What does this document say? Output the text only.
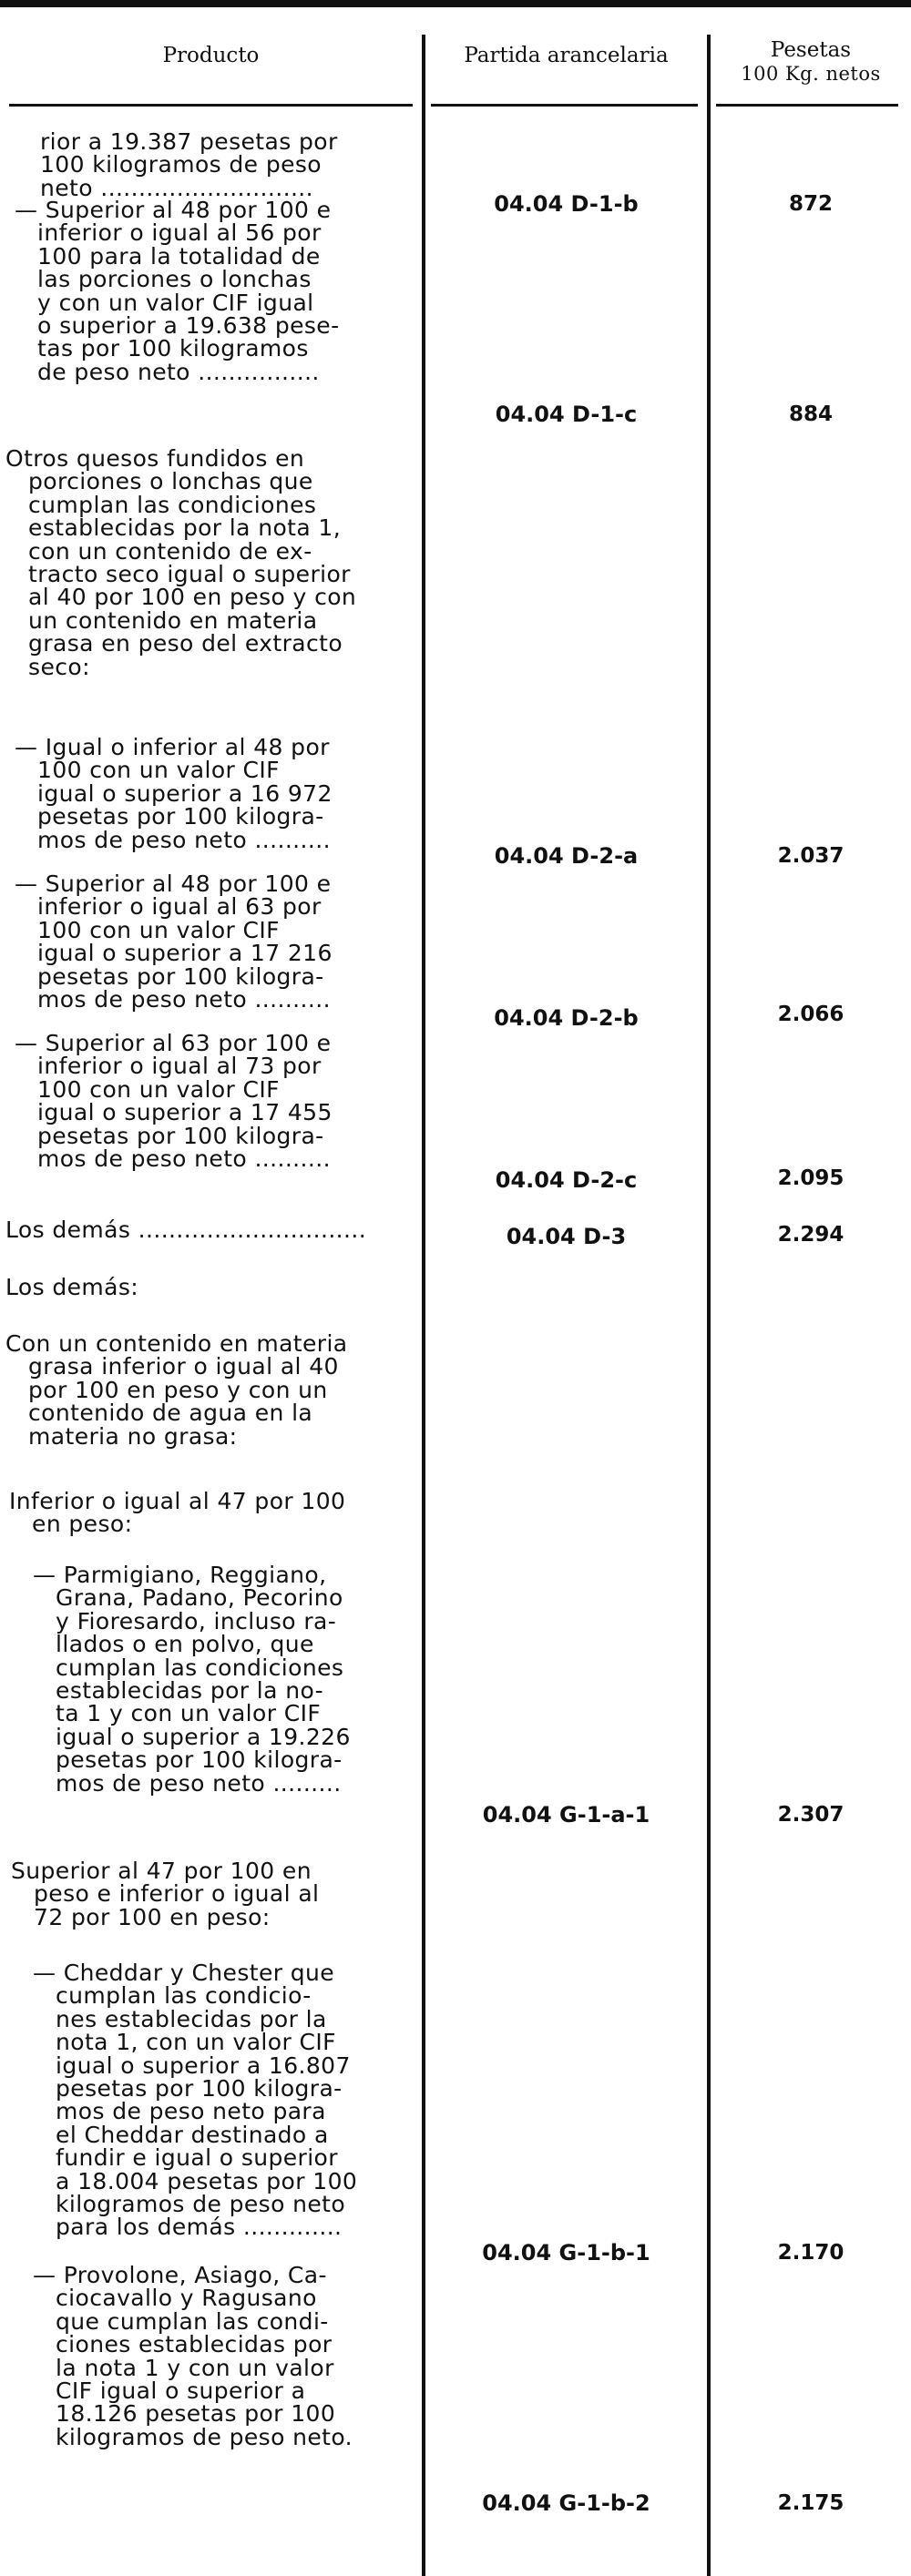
Producto	Partida arancelaria	Pesetas
100 Kg. netos
rior a 19.387 pesetas por
100 kilogramos de peso
neto ............................
04.04 D-1-b	872
— Superior al 48 por 100 e
inferior o igual al 56 por
100 para la totalidad de
las porciones o lonchas
y con un valor CIF igual
o superior a 19.638 pese-
tas por 100 kilogramos
de peso neto ................
04.04 D-1-c	884
Otros quesos fundidos en
porciones o lonchas que
cumplan las condiciones
establecidas por la nota 1,
con un contenido de ex-
tracto seco igual o superior
al 40 por 100 en peso y con
un contenido en materia
grasa en peso del extracto
seco:
— Igual o inferior al 48 por
100 con un valor CIF
igual o superior a 16 972
pesetas por 100 kilogra-
mos de peso neto ..........
04.04 D-2-a	2.037
— Superior al 48 por 100 e
inferior o igual al 63 por
100 con un valor CIF
igual o superior a 17 216
pesetas por 100 kilogra-
mos de peso neto ..........
04.04 D-2-b	2.066
— Superior al 63 por 100 e
inferior o igual al 73 por
100 con un valor CIF
igual o superior a 17 455
pesetas por 100 kilogra-
mos de peso neto ..........
04.04 D-2-c	2.095
Los demás ..............................	04.04 D-3	2.294
Los demás:
Con un contenido en materia
grasa inferior o igual al 40
por 100 en peso y con un
contenido de agua en la
materia no grasa:
Inferior o igual al 47 por 100
en peso:
— Parmigiano, Reggiano,
Grana, Padano, Pecorino
y Fioresardo, incluso ra-
llados o en polvo, que
cumplan las condiciones
establecidas por la no-
ta 1 y con un valor CIF
igual o superior a 19.226
pesetas por 100 kilogra-
mos de peso neto .........
04.04 G-1-a-1	2.307
Superior al 47 por 100 en
peso e inferior o igual al
72 por 100 en peso:
— Cheddar y Chester que
cumplan las condicio-
nes establecidas por la
nota 1, con un valor CIF
igual o superior a 16.807
pesetas por 100 kilogra-
mos de peso neto para
el Cheddar destinado a
fundir e igual o superior
a 18.004 pesetas por 100
kilogramos de peso neto
para los demás .............
04.04 G-1-b-1	2.170
— Provolone, Asiago, Ca-
ciocavallo y Ragusano
que cumplan las condi-
ciones establecidas por
la nota 1 y con un valor
CIF igual o superior a
18.126 pesetas por 100
kilogramos de peso neto.
04.04 G-1-b-2	2.175
